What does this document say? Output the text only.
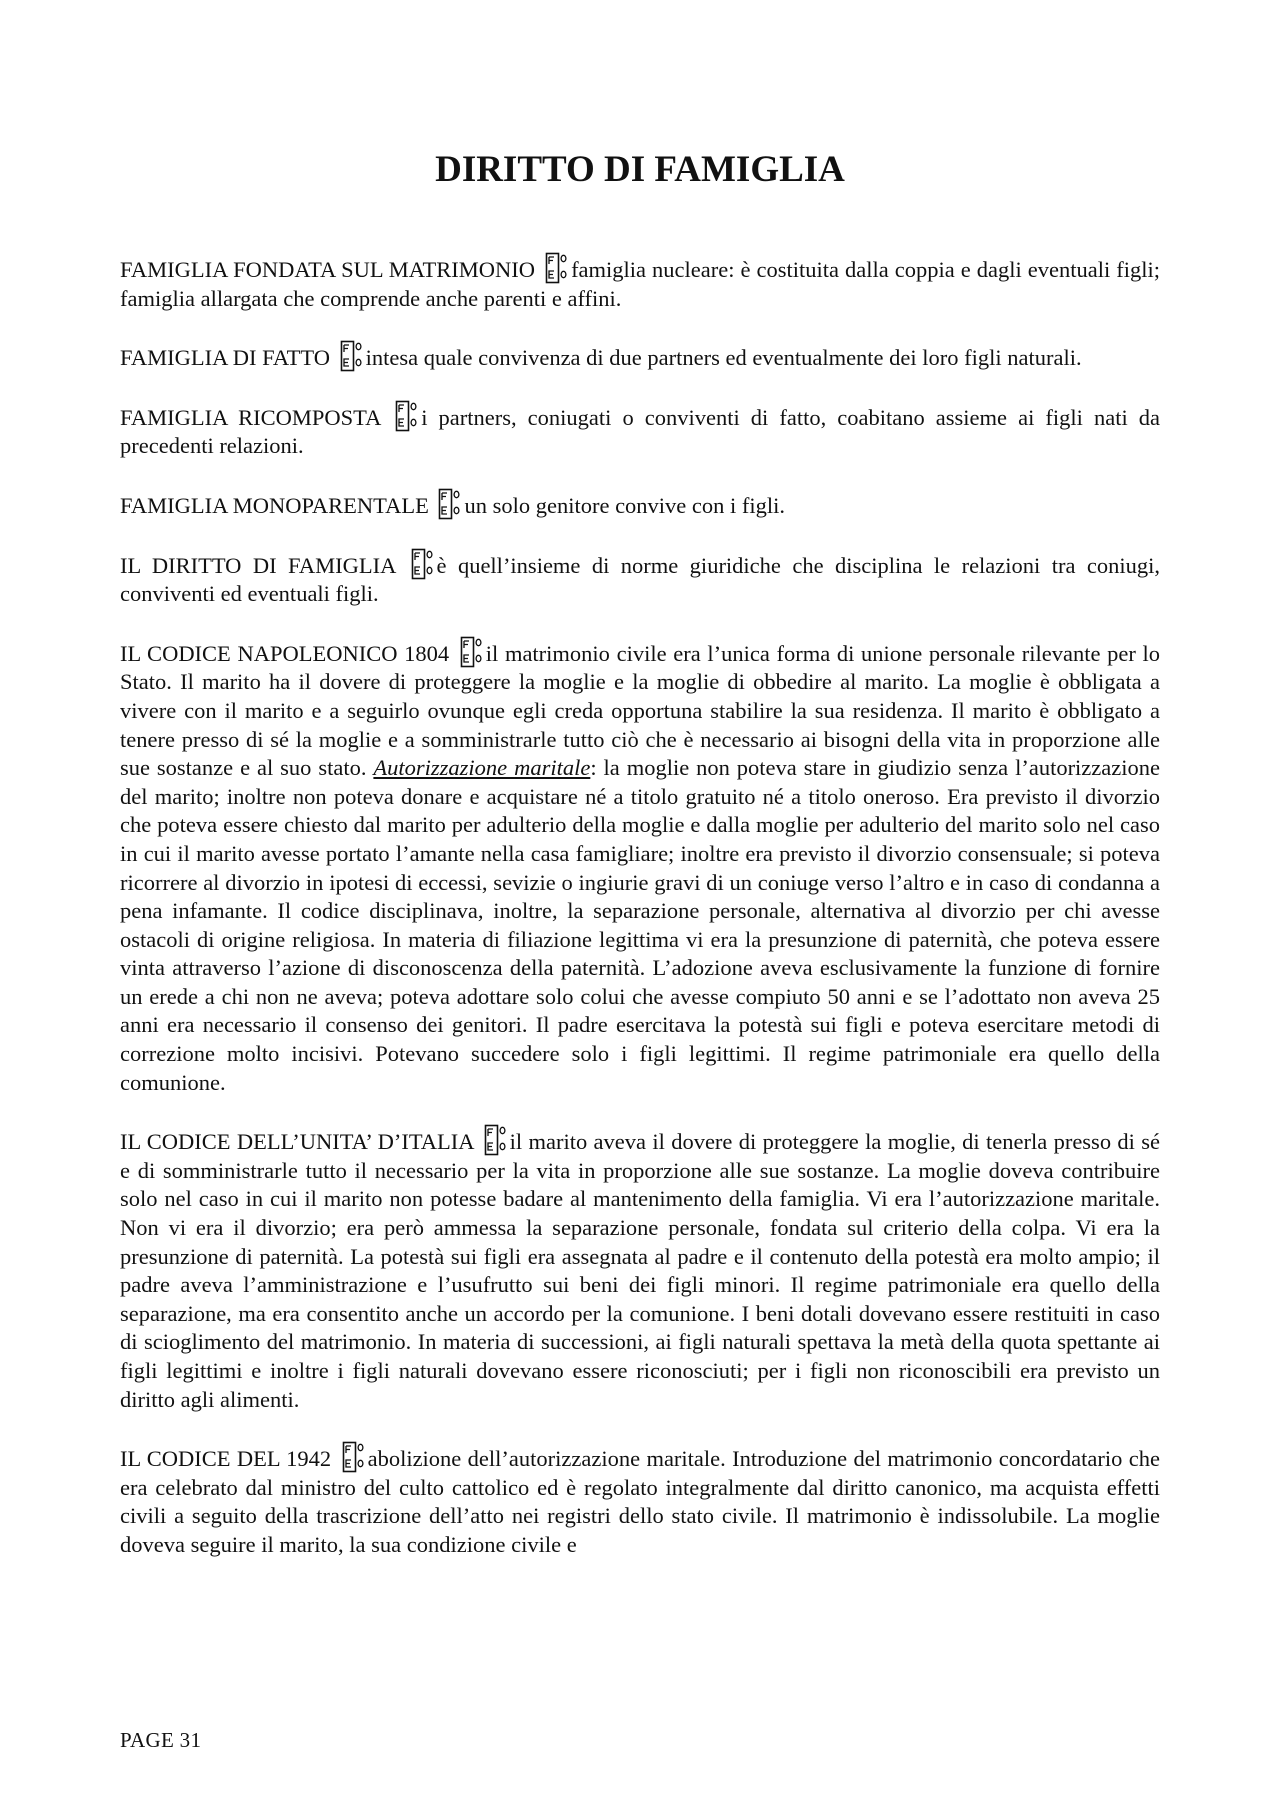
DIRITTO DI FAMIGLIA

FAMIGLIA FONDATA SUL MATRIMONIO famiglia nucleare: è costituita dalla coppia e dagli eventuali figli; famiglia allargata che comprende anche parenti e affini.

FAMIGLIA DI FATTO intesa quale convivenza di due partners ed eventualmente dei loro figli naturali.

FAMIGLIA RICOMPOSTA i partners, coniugati o conviventi di fatto, coabitano assieme ai figli nati da precedenti relazioni.

FAMIGLIA MONOPARENTALE un solo genitore convive con i figli.

IL DIRITTO DI FAMIGLIA è quell’insieme di norme giuridiche che disciplina le relazioni tra coniugi, conviventi ed eventuali figli.

IL CODICE NAPOLEONICO 1804 il matrimonio civile era l’unica forma di unione personale rilevante per lo Stato. Il marito ha il dovere di proteggere la moglie e la moglie di obbedire al marito. La moglie è obbligata a vivere con il marito e a seguirlo ovunque egli creda opportuna stabilire la sua residenza. Il marito è obbligato a tenere presso di sé la moglie e a somministrarle tutto ciò che è necessario ai bisogni della vita in proporzione alle sue sostanze e al suo stato. Autorizzazione maritale: la moglie non poteva stare in giudizio senza l’autorizzazione del marito; inoltre non poteva donare e acquistare né a titolo gratuito né a titolo oneroso. Era previsto il divorzio che poteva essere chiesto dal marito per adulterio della moglie e dalla moglie per adulterio del marito solo nel caso in cui il marito avesse portato l’amante nella casa famigliare; inoltre era previsto il divorzio consensuale; si poteva ricorrere al divorzio in ipotesi di eccessi, sevizie o ingiurie gravi di un coniuge verso l’altro e in caso di condanna a pena infamante. Il codice disciplinava, inoltre, la separazione personale, alternativa al divorzio per chi avesse ostacoli di origine religiosa. In materia di filiazione legittima vi era la presunzione di paternità, che poteva essere vinta attraverso l’azione di disconoscenza della paternità. L’adozione aveva esclusivamente la funzione di fornire un erede a chi non ne aveva; poteva adottare solo colui che avesse compiuto 50 anni e se l’adottato non aveva 25 anni era necessario il consenso dei genitori. Il padre esercitava la potestà sui figli e poteva esercitare metodi di correzione molto incisivi. Potevano succedere solo i figli legittimi. Il regime patrimoniale era quello della comunione.

IL CODICE DELL’UNITA’ D’ITALIA il marito aveva il dovere di proteggere la moglie, di tenerla presso di sé e di somministrarle tutto il necessario per la vita in proporzione alle sue sostanze. La moglie doveva contribuire solo nel caso in cui il marito non potesse badare al mantenimento della famiglia. Vi era l’autorizzazione maritale. Non vi era il divorzio; era però ammessa la separazione personale, fondata sul criterio della colpa. Vi era la presunzione di paternità. La potestà sui figli era assegnata al padre e il contenuto della potestà era molto ampio; il padre aveva l’amministrazione e l’usufrutto sui beni dei figli minori. Il regime patrimoniale era quello della separazione, ma era consentito anche un accordo per la comunione. I beni dotali dovevano essere restituiti in caso di scioglimento del matrimonio. In materia di successioni, ai figli naturali spettava la metà della quota spettante ai figli legittimi e inoltre i figli naturali dovevano essere riconosciuti; per i figli non riconoscibili era previsto un diritto agli alimenti.

IL CODICE DEL 1942 abolizione dell’autorizzazione maritale. Introduzione del matrimonio concordatario che era celebrato dal ministro del culto cattolico ed è regolato integralmente dal diritto canonico, ma acquista effetti civili a seguito della trascrizione dell’atto nei registri dello stato civile. Il matrimonio è indissolubile. La moglie doveva seguire il marito, la sua condizione civile e

PAGE 31
